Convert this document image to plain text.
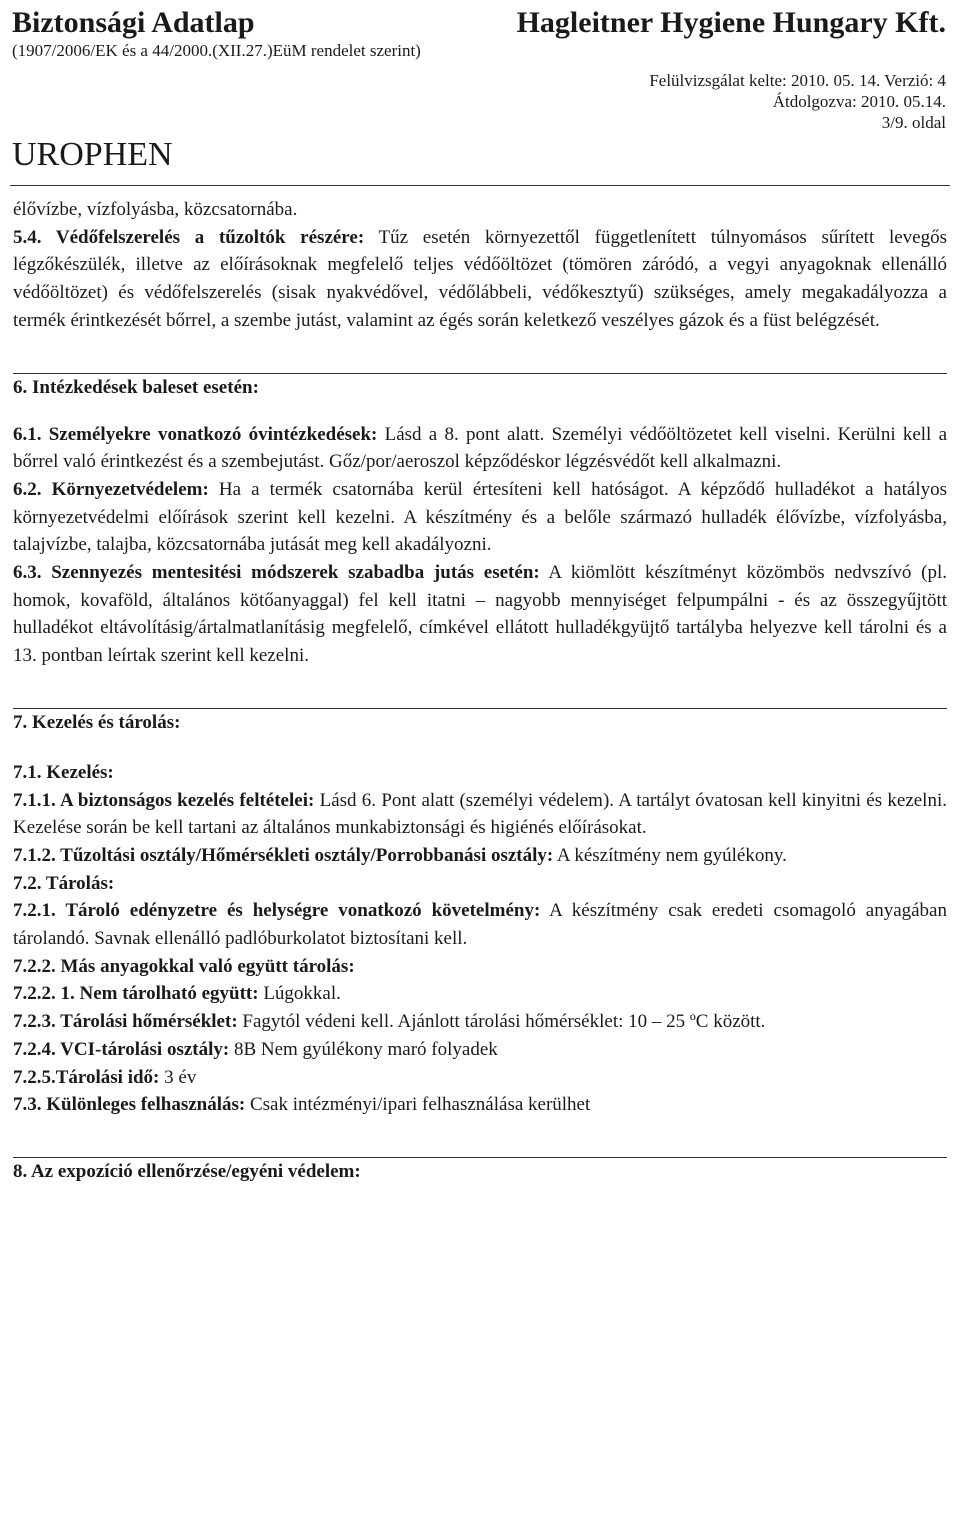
Biztonsági Adatlap
(1907/2006/EK és a 44/2000.(XII.27.)EüM rendelet szerint)
UROPHEN
Hagleitner Hygiene Hungary Kft.
Felülvizsgálat kelte: 2010. 05. 14. Verzió: 4
Átdolgozva: 2010. 05.14.
3/9. oldal

élővízbe, vízfolyásba, közcsatornába.

5.4. Védőfelszerelés a tűzoltók részére: Tűz esetén környezettől függetlenített túlnyomásos sűrített levegős légzőkészülék, illetve az előírásoknak megfelelő teljes védőöltözet (tömören záródó, a vegyi anyagoknak ellenálló védőöltözet) és védőfelszerelés (sisak nyakvédővel, védőlábbeli, védőkesztyű) szükséges, amely megakadályozza a termék érintkezését bőrrel, a szembe jutást, valamint az égés során keletkező veszélyes gázok és a füst belégzését.

6. Intézkedések baleset esetén:

6.1. Személyekre vonatkozó óvintézkedések: Lásd a 8. pont alatt. Személyi védőöltözetet kell viselni. Kerülni kell a bőrrel való érintkezést és a szembejutást. Gőz/por/aeroszol képződéskor légzésvédőt kell alkalmazni.

6.2. Környezetvédelem: Ha a termék csatornába kerül értesíteni kell hatóságot. A képződő hulladékot a hatályos környezetvédelmi előírások szerint kell kezelni. A készítmény és a belőle származó hulladék élővízbe, vízfolyásba, talajvízbe, talajba, közcsatornába jutását meg kell akadályozni.

6.3. Szennyezés mentesitési módszerek szabadba jutás esetén: A kiömlött készítményt közömbös nedvszívó (pl. homok, kovaföld, általános kötőanyaggal) fel kell itatni – nagyobb mennyiséget felpumpálni - és az összegyűjtött hulladékot eltávolításig/ártalmatlanításig megfelelő, címkével ellátott hulladékgyüjtő tartályba helyezve kell tárolni és a 13. pontban leírtak szerint kell kezelni.

7. Kezelés és tárolás:

7.1. Kezelés:

7.1.1. A biztonságos kezelés feltételei: Lásd 6. Pont alatt (személyi védelem). A tartályt óvatosan kell kinyitni és kezelni. Kezelése során be kell tartani az általános munkabiztonsági és higiénés előírásokat.

7.1.2. Tűzoltási osztály/Hőmérsékleti osztály/Porrobbanási osztály: A készítmény nem gyúlékony.

7.2. Tárolás:

7.2.1. Tároló edényzetre és helységre vonatkozó követelmény: A készítmény csak eredeti csomagoló anyagában tárolandó. Savnak ellenálló padlóburkolatot biztosítani kell.

7.2.2. Más anyagokkal való együtt tárolás:

7.2.2. 1. Nem tárolható együtt: Lúgokkal.

7.2.3. Tárolási hőmérséklet: Fagytól védeni kell. Ajánlott tárolási hőmérséklet: 10 – 25 ºC között.

7.2.4. VCI-tárolási osztály: 8B Nem gyúlékony maró folyadek

7.2.5.Tárolási idő: 3 év

7.3. Különleges felhasználás: Csak intézményi/ipari felhasználása kerülhet

8. Az expozíció ellenőrzése/egyéni védelem:
